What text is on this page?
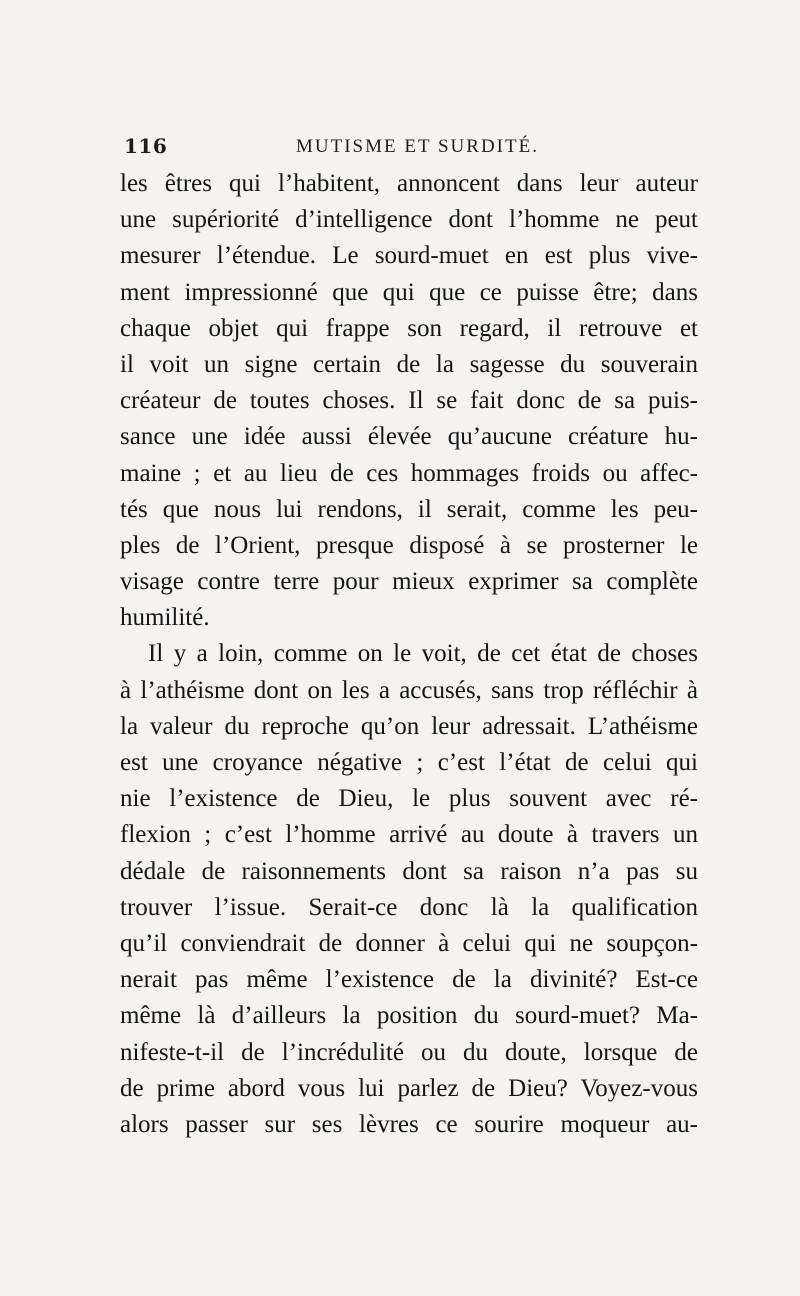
116	MUTISME ET SURDITÉ.
les êtres qui l’habitent, annoncent dans leur auteur
une supériorité d’intelligence dont l’homme ne peut
mesurer l’étendue. Le sourd-muet en est plus vive-
ment impressionné que qui que ce puisse être; dans
chaque objet qui frappe son regard, il retrouve et
il voit un signe certain de la sagesse du souverain
créateur de toutes choses. Il se fait donc de sa puis-
sance une idée aussi élevée qu’aucune créature hu-
maine ; et au lieu de ces hommages froids ou affec-
tés que nous lui rendons, il serait, comme les peu-
ples de l’Orient, presque disposé à se prosterner le
visage contre terre pour mieux exprimer sa complète
humilité.
Il y a loin, comme on le voit, de cet état de choses
à l’athéisme dont on les a accusés, sans trop réfléchir à
la valeur du reproche qu’on leur adressait. L’athéisme
est une croyance négative ; c’est l’état de celui qui
nie l’existence de Dieu, le plus souvent avec ré-
flexion ; c’est l’homme arrivé au doute à travers un
dédale de raisonnements dont sa raison n’a pas su
trouver l’issue. Serait-ce donc là la qualification
qu’il conviendrait de donner à celui qui ne soupçon-
nerait pas même l’existence de la divinité? Est-ce
même là d’ailleurs la position du sourd-muet? Ma-
nifeste-t-il de l’incrédulité ou du doute, lorsque de
de prime abord vous lui parlez de Dieu? Voyez-vous
alors passer sur ses lèvres ce sourire moqueur au-
